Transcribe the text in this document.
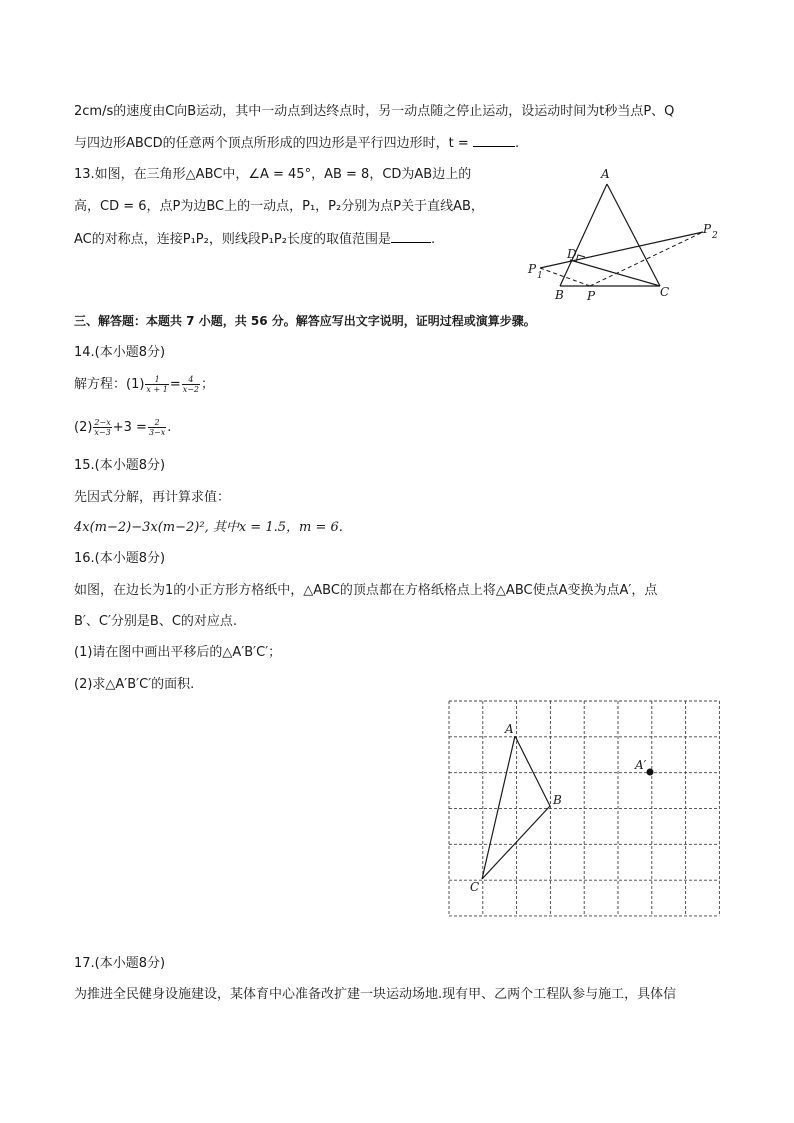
2cm/s的速度由C向B运动，其中一动点到达终点时，另一动点随之停止运动，设运动时间为t秒当点P、Q
与四边形ABCD的任意两个顶点所形成的四边形是平行四边形时，t =	.
13.如图，在三角形△ABC中，∠A = 45°，AB = 8，CD为AB边上的
高，CD = 6，点P为边BC上的一动点，P₁，P₂分别为点P关于直线AB，
AC的对称点，连接P₁P₂，则线段P₁P₂长度的取值范围是	.
A
D
B P	C
P 1
P 2
三、解答题：本题共 7 小题，共 56 分。解答应写出文字说明，证明过程或演算步骤。
14.(本小题8分)
解方程：$(1) \frac{1}{x + 1} = \frac{4}{x-2}$ ；
$(2) \frac{2-x}{x-3} +3 = \frac{2}{3-x}$ .
15.(本小题8分)
先因式分解，再计算求值：
4x(m−2)−3x(m−2)², 其中x = 1.5，m = 6.
16.(本小题8分)
如图，在边长为1的小正方形方格纸中，△ABC的顶点都在方格纸格点上将△ABC使点A变换为点A′，点
B′、C′分别是B、C的对应点.
(1)请在图中画出平移后的△A′B′C′；
(2)求△A′B′C′的面积.
A
B
C
A′
17.(本小题8分)
为推进全民健身设施建设，某体育中心准备改扩建一块运动场地.现有甲、乙两个工程队参与施工，具体信
